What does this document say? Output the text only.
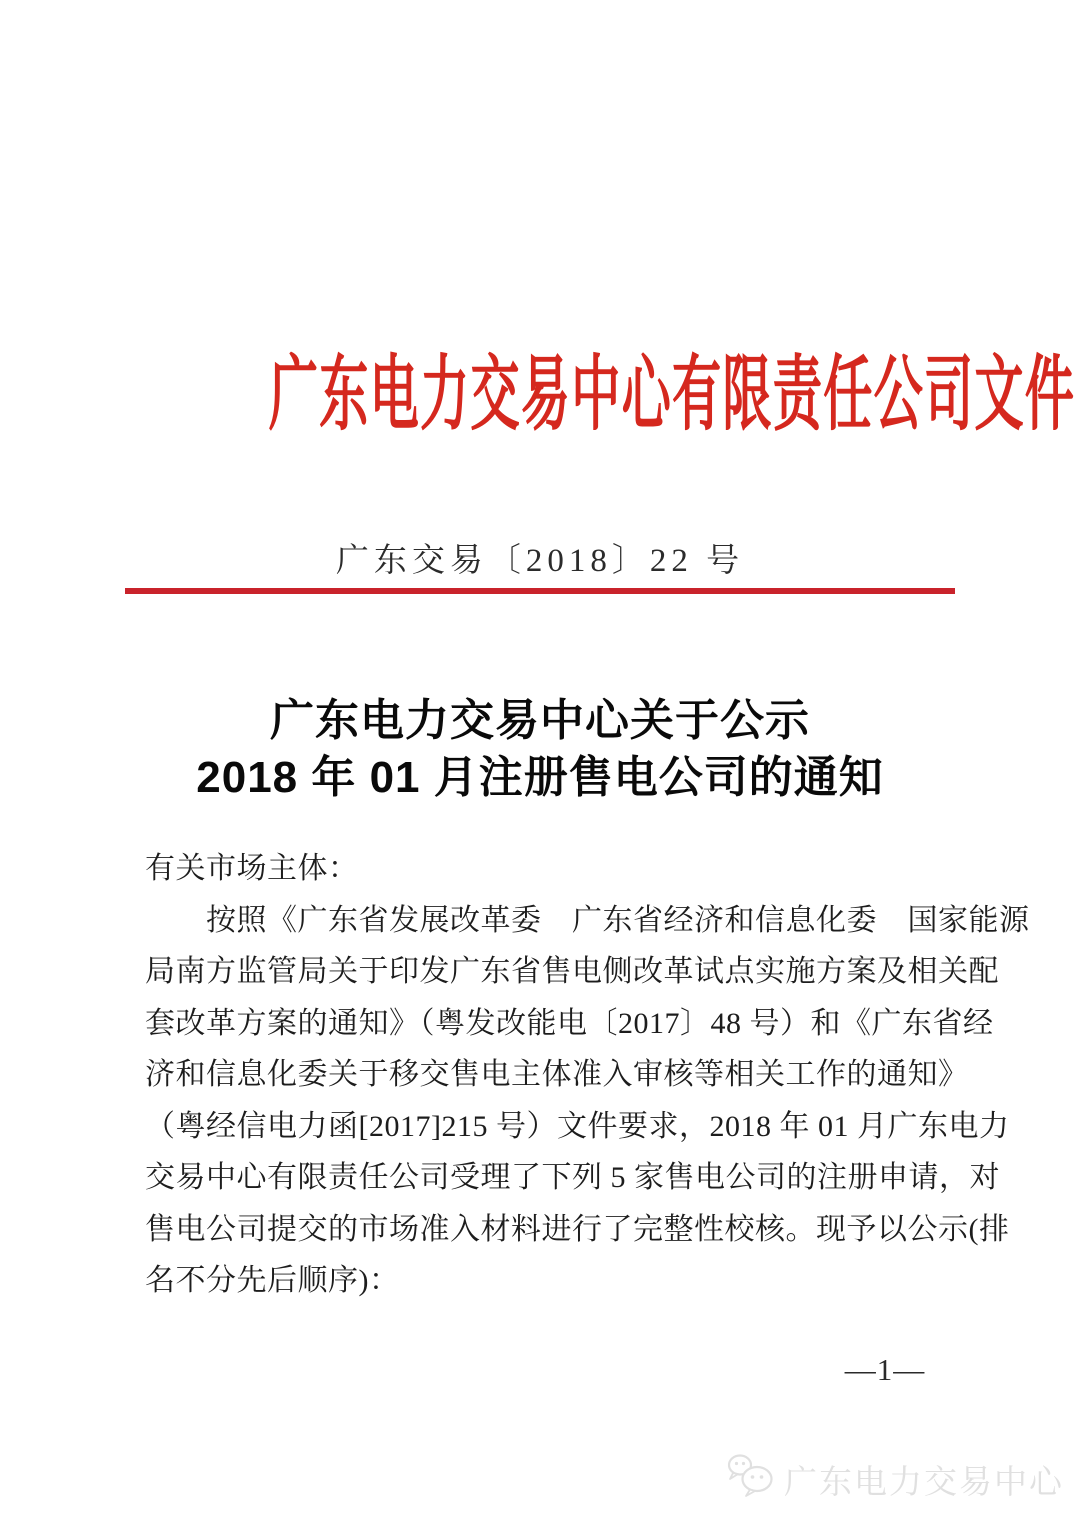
广东电力交易中心有限责任公司文件
广东交易〔2018〕22 号
广东电力交易中心关于公示
2018 年 01 月注册售电公司的通知
有关市场主体：
　　按照《广东省发展改革委　广东省经济和信息化委　国家能源
局南方监管局关于印发广东省售电侧改革试点实施方案及相关配
套改革方案的通知》（粤发改能电〔2017〕48 号）和《广东省经
济和信息化委关于移交售电主体准入审核等相关工作的通知》
（粤经信电力函[2017]215 号）文件要求，2018 年 01 月广东电力
交易中心有限责任公司受理了下列 5 家售电公司的注册申请，对
售电公司提交的市场准入材料进行了完整性校核。现予以公示(排
名不分先后顺序)：
—1—
广东电力交易中心
